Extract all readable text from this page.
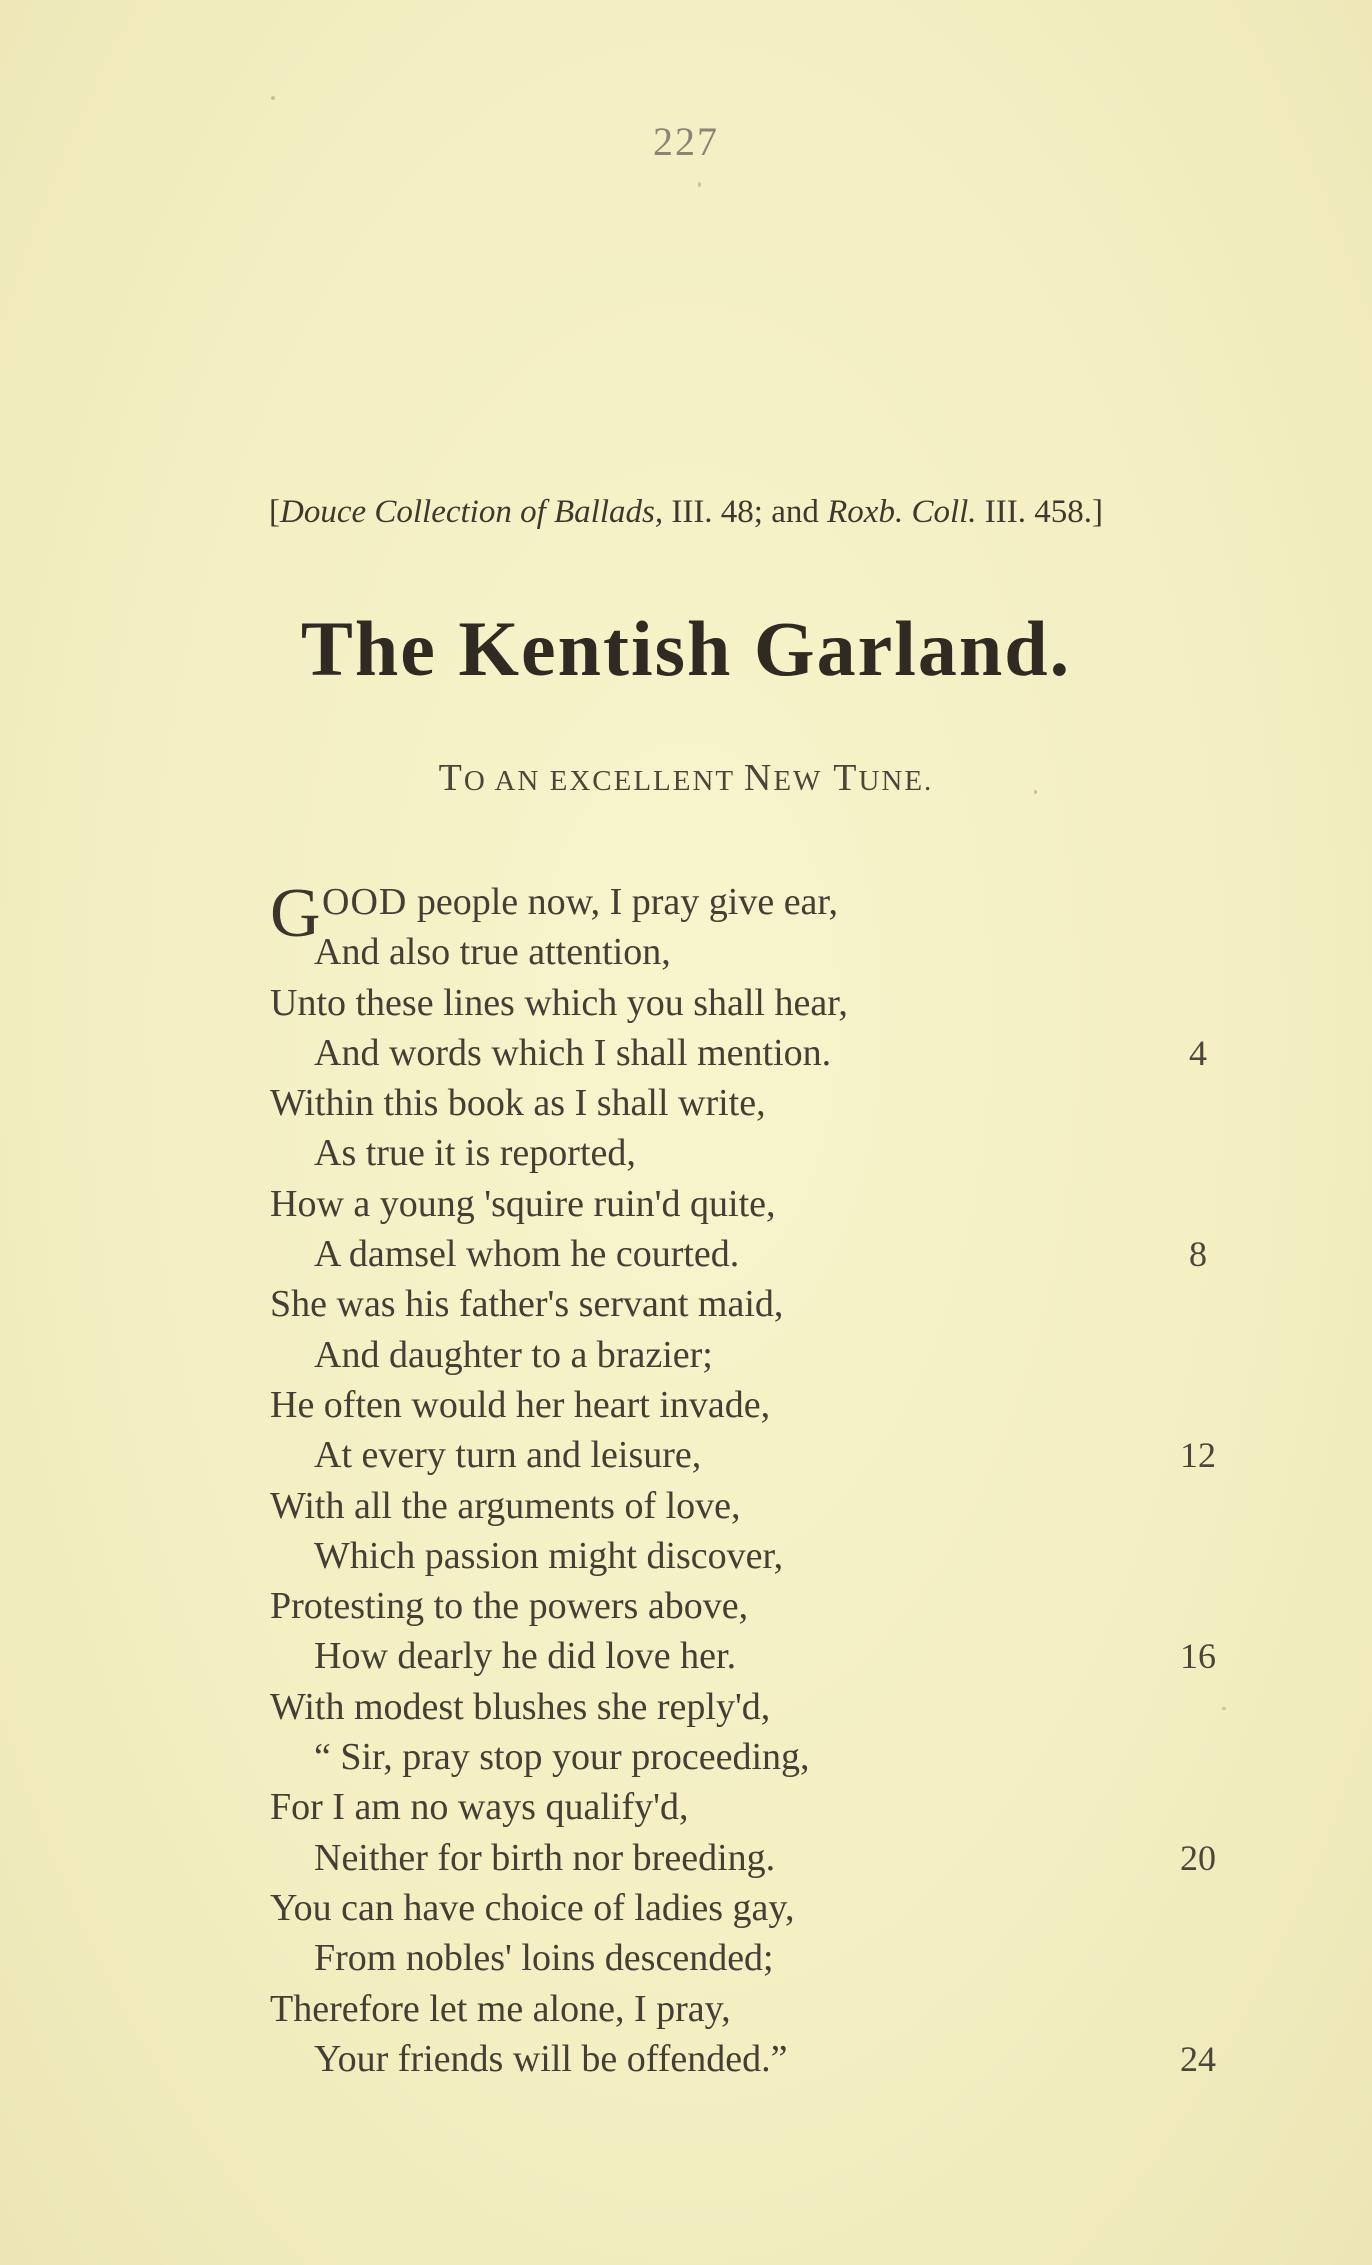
227
[Douce Collection of Ballads, III. 48; and Roxb. Coll. III. 458.]
The Kentish Garland.
TO AN EXCELLENT NEW TUNE.
G OOD people now, I pray give ear,
And also true attention,
Unto these lines which you shall hear,
And words which I shall mention.	4
Within this book as I shall write,
As true it is reported,
How a young 'squire ruin'd quite,
A damsel whom he courted.	8
She was his father's servant maid,
And daughter to a brazier;
He often would her heart invade,
At every turn and leisure,	12
With all the arguments of love,
Which passion might discover,
Protesting to the powers above,
How dearly he did love her.	16
With modest blushes she reply'd,
“ Sir, pray stop your proceeding,
For I am no ways qualify'd,
Neither for birth nor breeding.	20
You can have choice of ladies gay,
From nobles' loins descended;
Therefore let me alone, I pray,
Your friends will be offended.”	24
